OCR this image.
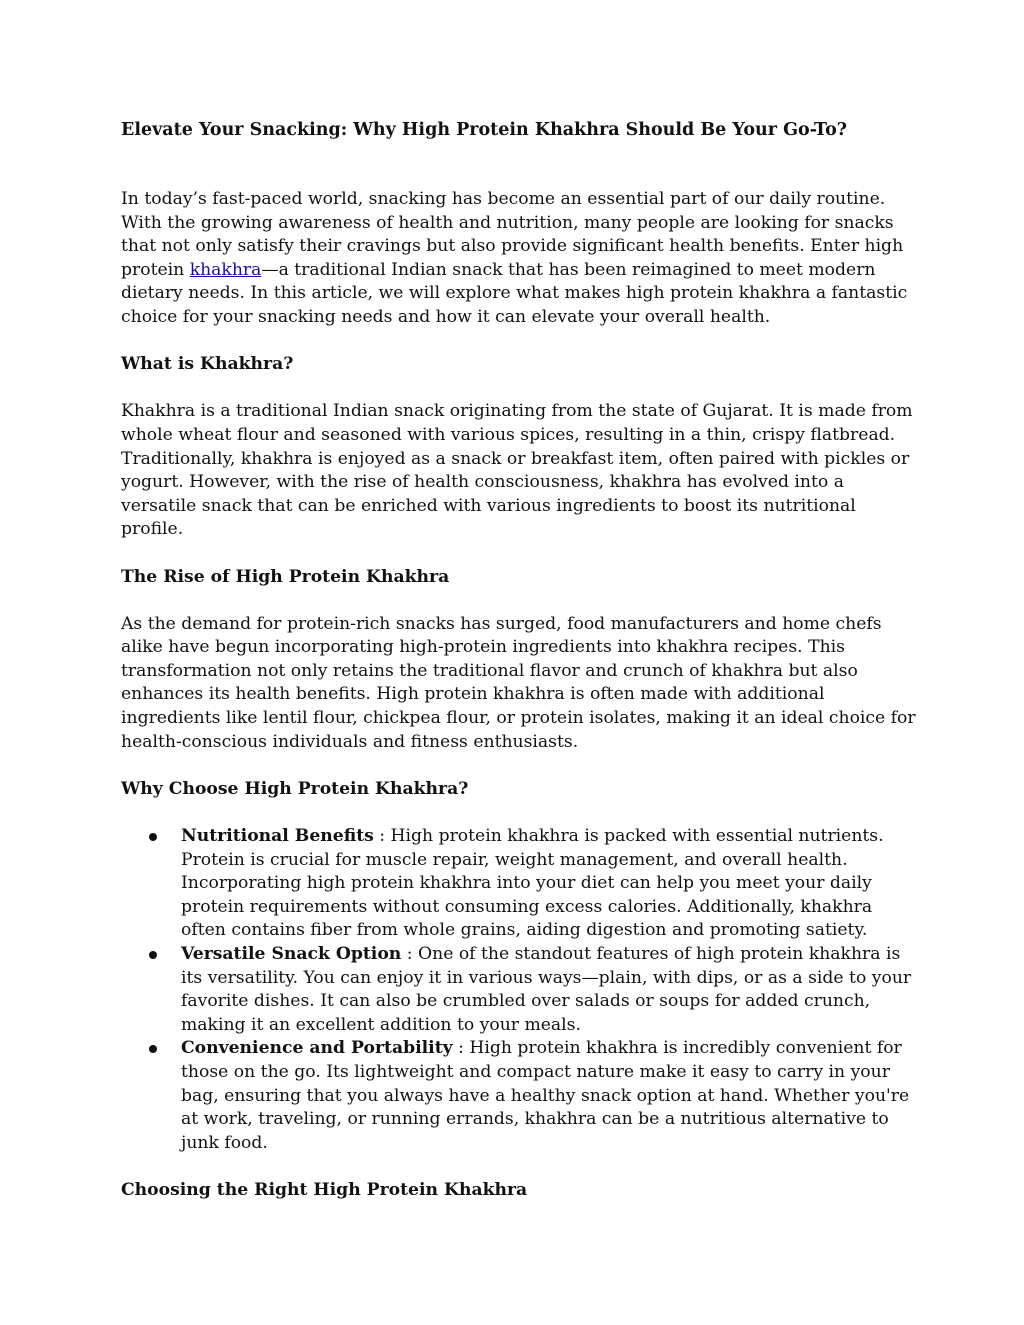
Elevate Your Snacking: Why High Protein Khakhra Should Be Your Go-To?

In today’s fast-paced world, snacking has become an essential part of our daily routine. With the growing awareness of health and nutrition, many people are looking for snacks that not only satisfy their cravings but also provide significant health benefits. Enter high protein khakhra—a traditional Indian snack that has been reimagined to meet modern dietary needs. In this article, we will explore what makes high protein khakhra a fantastic choice for your snacking needs and how it can elevate your overall health.

What is Khakhra?

Khakhra is a traditional Indian snack originating from the state of Gujarat. It is made from whole wheat flour and seasoned with various spices, resulting in a thin, crispy flatbread. Traditionally, khakhra is enjoyed as a snack or breakfast item, often paired with pickles or yogurt. However, with the rise of health consciousness, khakhra has evolved into a versatile snack that can be enriched with various ingredients to boost its nutritional profile.

The Rise of High Protein Khakhra

As the demand for protein-rich snacks has surged, food manufacturers and home chefs alike have begun incorporating high-protein ingredients into khakhra recipes. This transformation not only retains the traditional flavor and crunch of khakhra but also enhances its health benefits. High protein khakhra is often made with additional ingredients like lentil flour, chickpea flour, or protein isolates, making it an ideal choice for health-conscious individuals and fitness enthusiasts.

Why Choose High Protein Khakhra?
Nutritional Benefits : High protein khakhra is packed with essential nutrients. Protein is crucial for muscle repair, weight management, and overall health. Incorporating high protein khakhra into your diet can help you meet your daily protein requirements without consuming excess calories. Additionally, khakhra often contains fiber from whole grains, aiding digestion and promoting satiety.
Versatile Snack Option : One of the standout features of high protein khakhra is its versatility. You can enjoy it in various ways—plain, with dips, or as a side to your favorite dishes. It can also be crumbled over salads or soups for added crunch, making it an excellent addition to your meals.
Convenience and Portability : High protein khakhra is incredibly convenient for those on the go. Its lightweight and compact nature make it easy to carry in your bag, ensuring that you always have a healthy snack option at hand. Whether you're at work, traveling, or running errands, khakhra can be a nutritious alternative to junk food.
Choosing the Right High Protein Khakhra
